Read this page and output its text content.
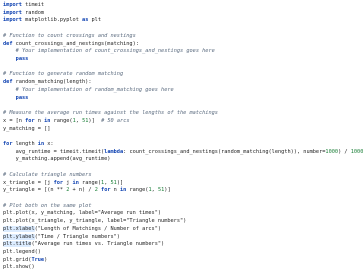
import timeit
import random
import matplotlib.pyplot as plt

# Function to count crossings and nestings
def count_crossings_and_nestings(matching):
# Your implementation of count_crossings_and_nestings goes here
pass

# Function to generate random matching
def random_matching(length):
# Your implementation of random_matching goes here
pass

# Measure the average run times against the lengths of the matchings
x = [n for n in range(1, 51)]  # 50 arcs
y_matching = []

for length in x:
avg_runtime = timeit.timeit(lambda: count_crossings_and_nestings(random_matching(length)), number=1000) / 1000
y_matching.append(avg_runtime)

# Calculate triangle numbers
x_triangle = [j for j in range(1, 51)]
y_triangle = [(n ** 2 + n) / 2 for n in range(1, 51)]

# Plot both on the same plot
plt.plot(x, y_matching, label="Average run times")
plt.plot(x_triangle, y_triangle, label="Triangle numbers")
plt.xlabel("Length of Matchings / Number of arcs")
plt.ylabel("Time / Triangle numbers")
plt.title("Average run times vs. Triangle numbers")
plt.legend()
plt.grid(True)
plt.show()
